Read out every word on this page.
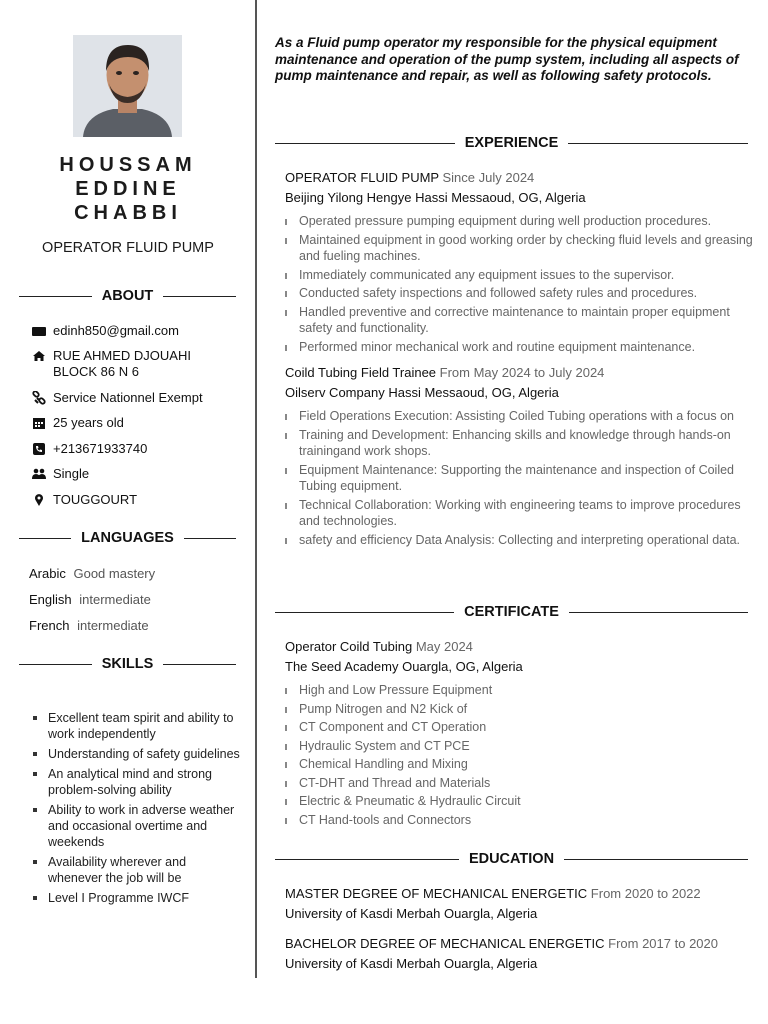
HOUSSAM
EDDINE
CHABBI
OPERATOR FLUID PUMP
ABOUT
edinh850@gmail.com
RUE AHMED DJOUAHI BLOCK 86 N 6
Service Nationnel Exempt
25 years old
+213671933740
Single
TOUGGOURT
LANGUAGES
Arabic Good mastery
English intermediate
French intermediate
SKILLS
Excellent team spirit and ability to work independently
Understanding of safety guidelines
An analytical mind and strong problem-solving ability
Ability to work in adverse weather and occasional overtime and weekends
Availability wherever and whenever the job will be
Level I Programme IWCF
As a Fluid pump operator my responsible for the physical equipment maintenance and operation of the pump system, including all aspects of pump maintenance and repair, as well as following safety protocols.
EXPERIENCE
OPERATOR FLUID PUMP Since July 2024
Beijing Yilong Hengye Hassi Messaoud, OG, Algeria
Operated pressure pumping equipment during well production procedures.
Maintained equipment in good working order by checking fluid levels and greasing and fueling machines.
Immediately communicated any equipment issues to the supervisor.
Conducted safety inspections and followed safety rules and procedures.
Handled preventive and corrective maintenance to maintain proper equipment safety and functionality.
Performed minor mechanical work and routine equipment maintenance.
Coild Tubing Field Trainee From May 2024 to July 2024
Oilserv Company Hassi Messaoud, OG, Algeria
Field Operations Execution: Assisting Coiled Tubing operations with a focus on
Training and Development: Enhancing skills and knowledge through hands-on trainingand work shops.
Equipment Maintenance: Supporting the maintenance and inspection of Coiled Tubing equipment.
Technical Collaboration: Working with engineering teams to improve procedures and technologies.
safety and efficiency Data Analysis: Collecting and interpreting operational data.
CERTIFICATE
Operator Coild Tubing May 2024
The Seed Academy Ouargla, OG, Algeria
High and Low Pressure Equipment
Pump Nitrogen and N2 Kick of
CT Component and CT Operation
Hydraulic System and CT PCE
Chemical Handling and Mixing
CT-DHT and Thread and Materials
Electric & Pneumatic & Hydraulic Circuit
CT Hand-tools and Connectors
EDUCATION
MASTER DEGREE OF MECHANICAL ENERGETIC From 2020 to 2022
University of Kasdi Merbah Ouargla, Algeria
BACHELOR DEGREE OF MECHANICAL ENERGETIC From 2017 to 2020
University of Kasdi Merbah Ouargla, Algeria
